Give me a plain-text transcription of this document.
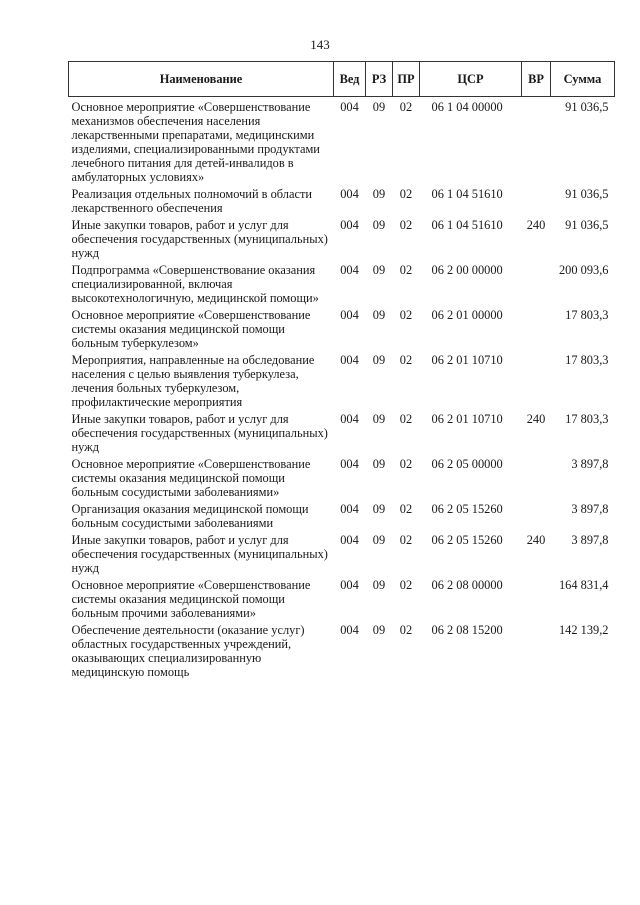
143
Наименование	Вед	РЗ	ПР	ЦСР	ВР	Сумма
Основное мероприятие «Совершенствование механизмов обеспечения населения лекарственными препаратами, медицинскими изделиями, специализированными продуктами лечебного питания для детей-инвалидов в амбулаторных условиях»	004	09	02	06 1 04 00000		91 036,5
Реализация отдельных полномочий в области лекарственного обеспечения	004	09	02	06 1 04 51610		91 036,5
Иные закупки товаров, работ и услуг для обеспечения государственных (муниципальных) нужд	004	09	02	06 1 04 51610	240	91 036,5
Подпрограмма «Совершенствование оказания специализированной, включая высокотехнологичную, медицинской помощи»	004	09	02	06 2 00 00000		200 093,6
Основное мероприятие «Совершенствование системы оказания медицинской помощи больным туберкулезом»	004	09	02	06 2 01 00000		17 803,3
Мероприятия, направленные на обследование населения с целью выявления туберкулеза, лечения больных туберкулезом, профилактические мероприятия	004	09	02	06 2 01 10710		17 803,3
Иные закупки товаров, работ и услуг для обеспечения государственных (муниципальных) нужд	004	09	02	06 2 01 10710	240	17 803,3
Основное мероприятие «Совершенствование системы оказания медицинской помощи больным сосудистыми заболеваниями»	004	09	02	06 2 05 00000		3 897,8
Организация оказания медицинской помощи больным сосудистыми заболеваниями	004	09	02	06 2 05 15260		3 897,8
Иные закупки товаров, работ и услуг для обеспечения государственных (муниципальных) нужд	004	09	02	06 2 05 15260	240	3 897,8
Основное мероприятие «Совершенствование системы оказания медицинской помощи больным прочими заболеваниями»	004	09	02	06 2 08 00000		164 831,4
Обеспечение деятельности (оказание услуг) областных государственных учреждений, оказывающих специализированную медицинскую помощь	004	09	02	06 2 08 15200		142 139,2
